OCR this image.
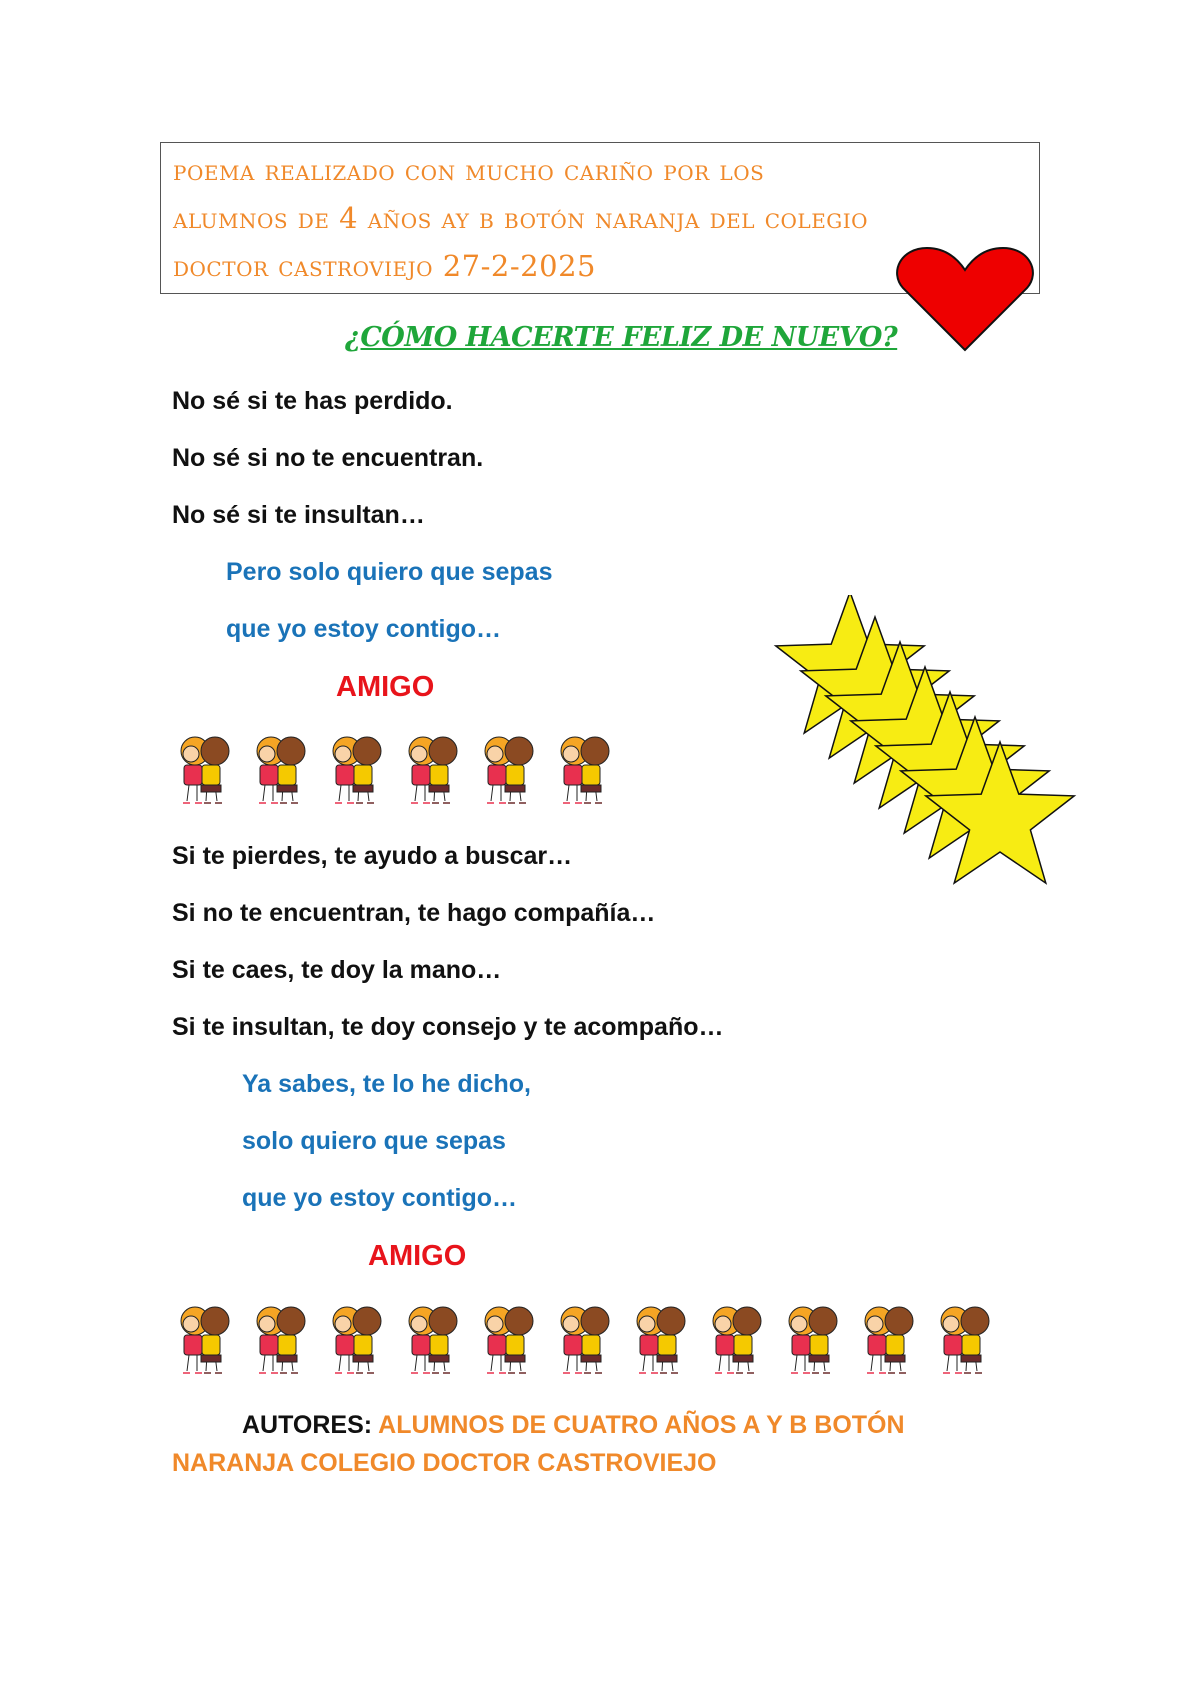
poema realizado con mucho cariño por los
alumnos de 4 años ay b botón naranja del colegio
doctor castroviejo 27-2-2025
¿CÓMO HACERTE FELIZ DE NUEVO?
No sé si te has perdido.
No sé si no te encuentran.
No sé si te insultan…
Pero solo quiero que sepas
que yo estoy contigo…
AMIGO
Si te pierdes, te ayudo a buscar…
Si no te encuentran, te hago compañía…
Si te caes, te doy la mano…
Si te insultan, te doy consejo y te acompaño…
Ya sabes, te lo he dicho,
solo quiero que sepas
que yo estoy contigo…
AMIGO
AUTORES: ALUMNOS DE CUATRO AÑOS A Y B BOTÓN
NARANJA COLEGIO DOCTOR CASTROVIEJO
